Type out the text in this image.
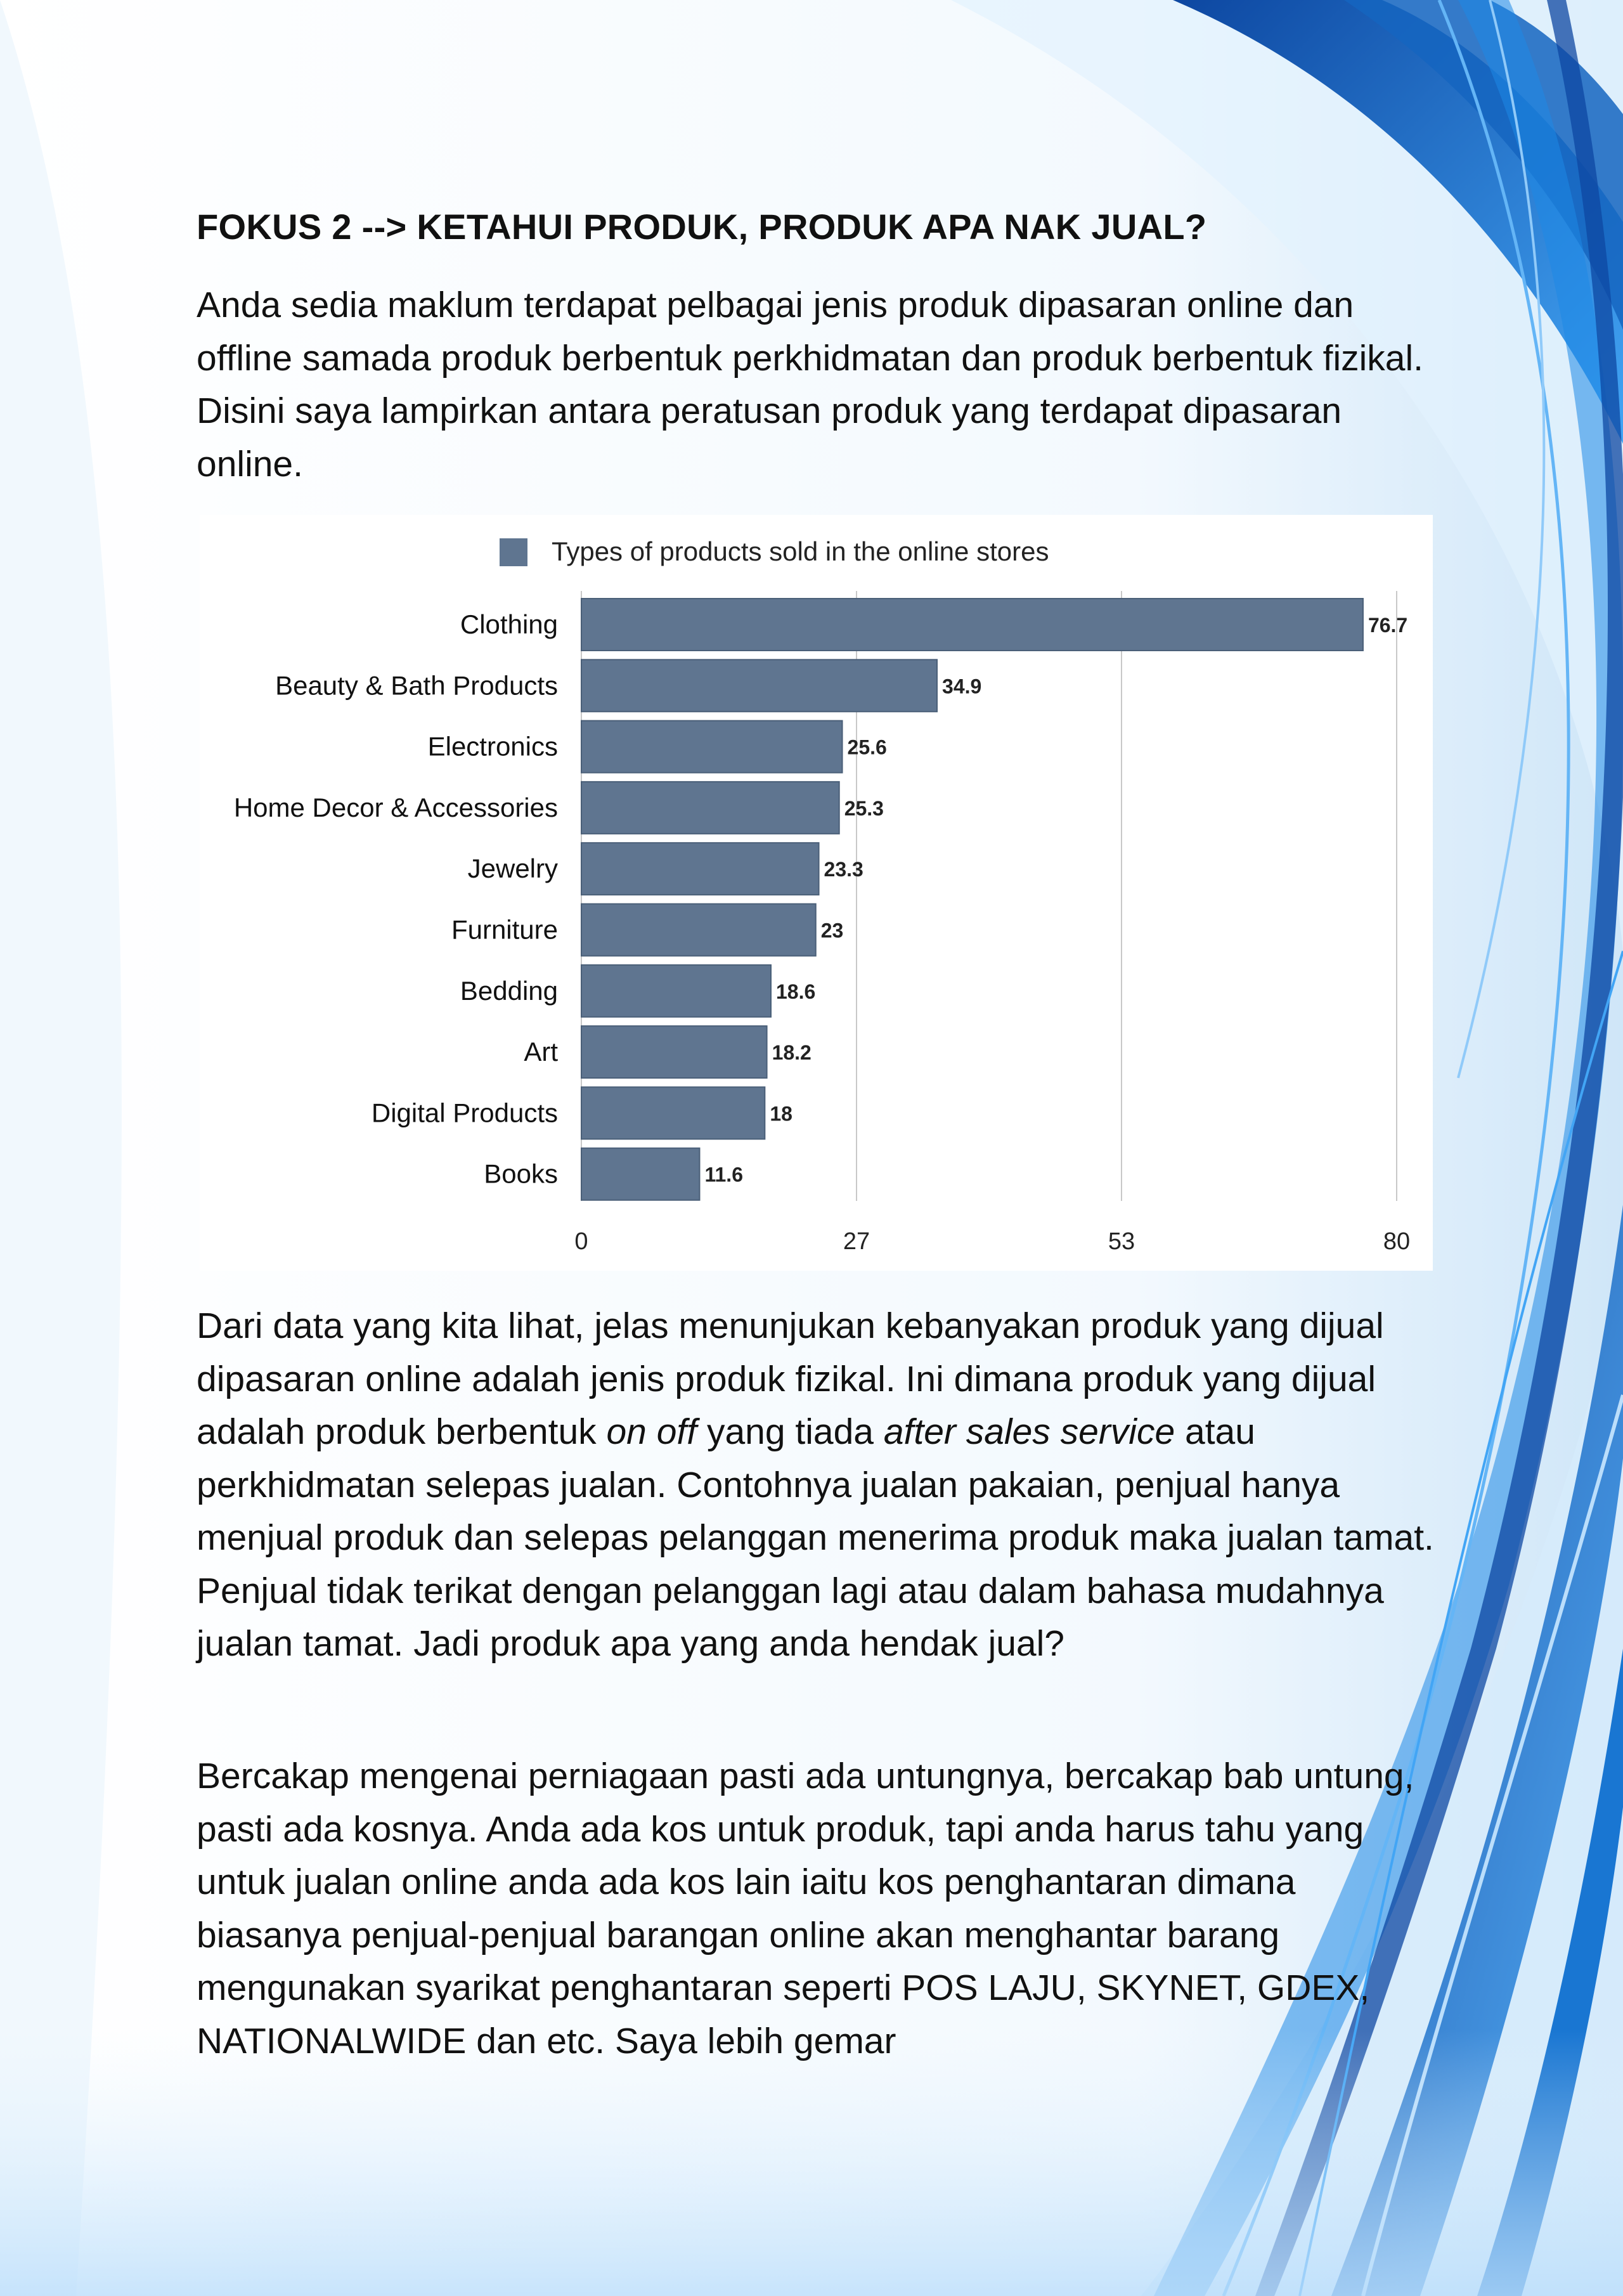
FOKUS 2 --> KETAHUI PRODUK, PRODUK APA NAK JUAL?
Anda sedia maklum terdapat pelbagai jenis produk dipasaran online dan offline samada produk berbentuk perkhidmatan dan produk berbentuk fizikal. Disini saya lampirkan antara peratusan produk yang terdapat dipasaran online.
0	27	53	80
Types of products sold in the online stores
Clothing	76.7
Beauty & Bath Products	34.9
Electronics	25.6
Home Decor & Accessories	25.3
Jewelry	23.3
Furniture	23
Bedding	18.6
Art	18.2
Digital Products	18
Books	11.6
Dari data yang kita lihat, jelas menunjukan kebanyakan produk yang dijual dipasaran online adalah jenis produk fizikal. Ini dimana produk yang dijual adalah produk berbentuk on off yang tiada after sales service atau perkhidmatan selepas jualan. Contohnya jualan pakaian, penjual hanya menjual produk dan selepas pelanggan menerima produk maka jualan tamat. Penjual tidak terikat dengan pelanggan lagi atau dalam bahasa mudahnya jualan tamat. Jadi produk apa yang anda hendak jual?
Bercakap mengenai perniagaan pasti ada untungnya, bercakap bab untung, pasti ada kosnya. Anda ada kos untuk produk, tapi anda harus tahu yang untuk jualan online anda ada kos lain iaitu kos penghantaran dimana biasanya penjual-penjual barangan online akan menghantar barang mengunakan syarikat penghantaran seperti POS LAJU, SKYNET, GDEX, NATIONALWIDE dan etc. Saya lebih gemar
